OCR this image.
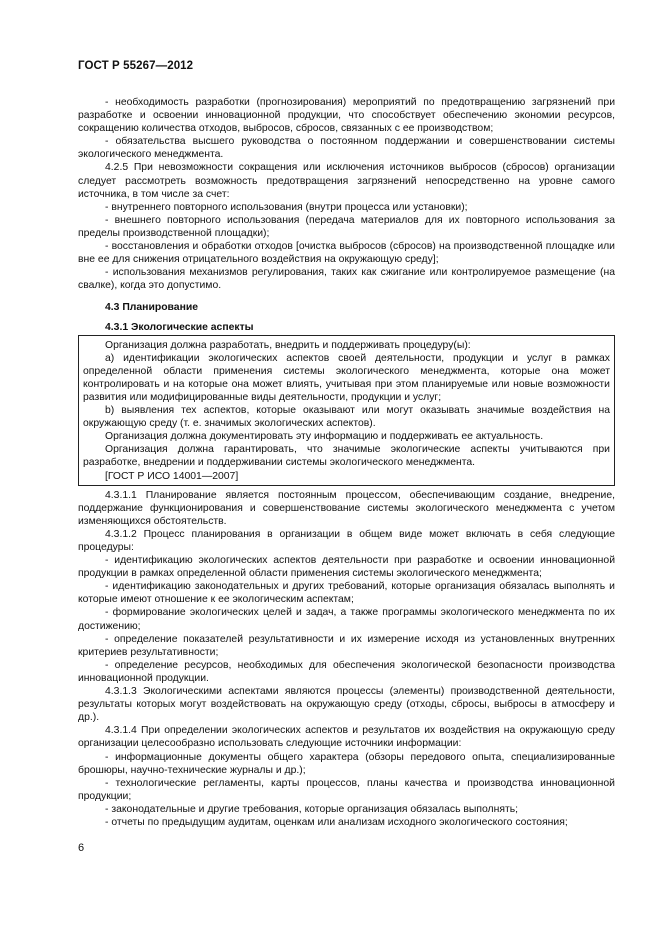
ГОСТ Р 55267—2012

- необходимость разработки (прогнозирования) мероприятий по предотвращению загрязнений при разработке и освоении инновационной продукции, что способствует обеспечению экономии ресурсов, сокращению количества отходов, выбросов, сбросов, связанных с ее производством;

- обязательства высшего руководства о постоянном поддержании и совершенствовании системы экологического менеджмента.

4.2.5 При невозможности сокращения или исключения источников выбросов (сбросов) организации следует рассмотреть возможность предотвращения загрязнений непосредственно на уровне самого источника, в том числе за счет:

- внутреннего повторного использования (внутри процесса или установки);

- внешнего повторного использования (передача материалов для их повторного использования за пределы производственной площадки);

- восстановления и обработки отходов [очистка выбросов (сбросов) на производственной площадке или вне ее для снижения отрицательного воздействия на окружающую среду];

- использования механизмов регулирования, таких как сжигание или контролируемое размещение (на свалке), когда это допустимо.

4.3 Планирование

4.3.1 Экологические аспекты

Организация должна разработать, внедрить и поддерживать процедуру(ы):

а) идентификации экологических аспектов своей деятельности, продукции и услуг в рамках определенной области применения системы экологического менеджмента, которые она может контролировать и на которые она может влиять, учитывая при этом планируемые или новые возможности развития или модифицированные виды деятельности, продукции и услуг;

b) выявления тех аспектов, которые оказывают или могут оказывать значимые воздействия на окружающую среду (т. е. значимых экологических аспектов).

Организация должна документировать эту информацию и поддерживать ее актуальность.

Организация должна гарантировать, что значимые экологические аспекты учитываются при разработке, внедрении и поддерживании системы экологического менеджмента.

[ГОСТ Р ИСО 14001—2007]

4.3.1.1 Планирование является постоянным процессом, обеспечивающим создание, внедрение, поддержание функционирования и совершенствование системы экологического менеджмента с учетом изменяющихся обстоятельств.

4.3.1.2 Процесс планирования в организации в общем виде может включать в себя следующие процедуры:

- идентификацию экологических аспектов деятельности при разработке и освоении инновационной продукции в рамках определенной области применения системы экологического менеджмента;

- идентификацию законодательных и других требований, которые организация обязалась выполнять и которые имеют отношение к ее экологическим аспектам;

- формирование экологических целей и задач, а также программы экологического менеджмента по их достижению;

- определение показателей результативности и их измерение исходя из установленных внутренних критериев результативности;

- определение ресурсов, необходимых для обеспечения экологической безопасности производства инновационной продукции.

4.3.1.3 Экологическими аспектами являются процессы (элементы) производственной деятельности, результаты которых могут воздействовать на окружающую среду (отходы, сбросы, выбросы в атмосферу и др.).

4.3.1.4 При определении экологических аспектов и результатов их воздействия на окружающую среду организации целесообразно использовать следующие источники информации:

- информационные документы общего характера (обзоры передового опыта, специализированные брошюры, научно-технические журналы и др.);

- технологические регламенты, карты процессов, планы качества и производства инновационной продукции;

- законодательные и другие требования, которые организация обязалась выполнять;

- отчеты по предыдущим аудитам, оценкам или анализам исходного экологического состояния;

6
